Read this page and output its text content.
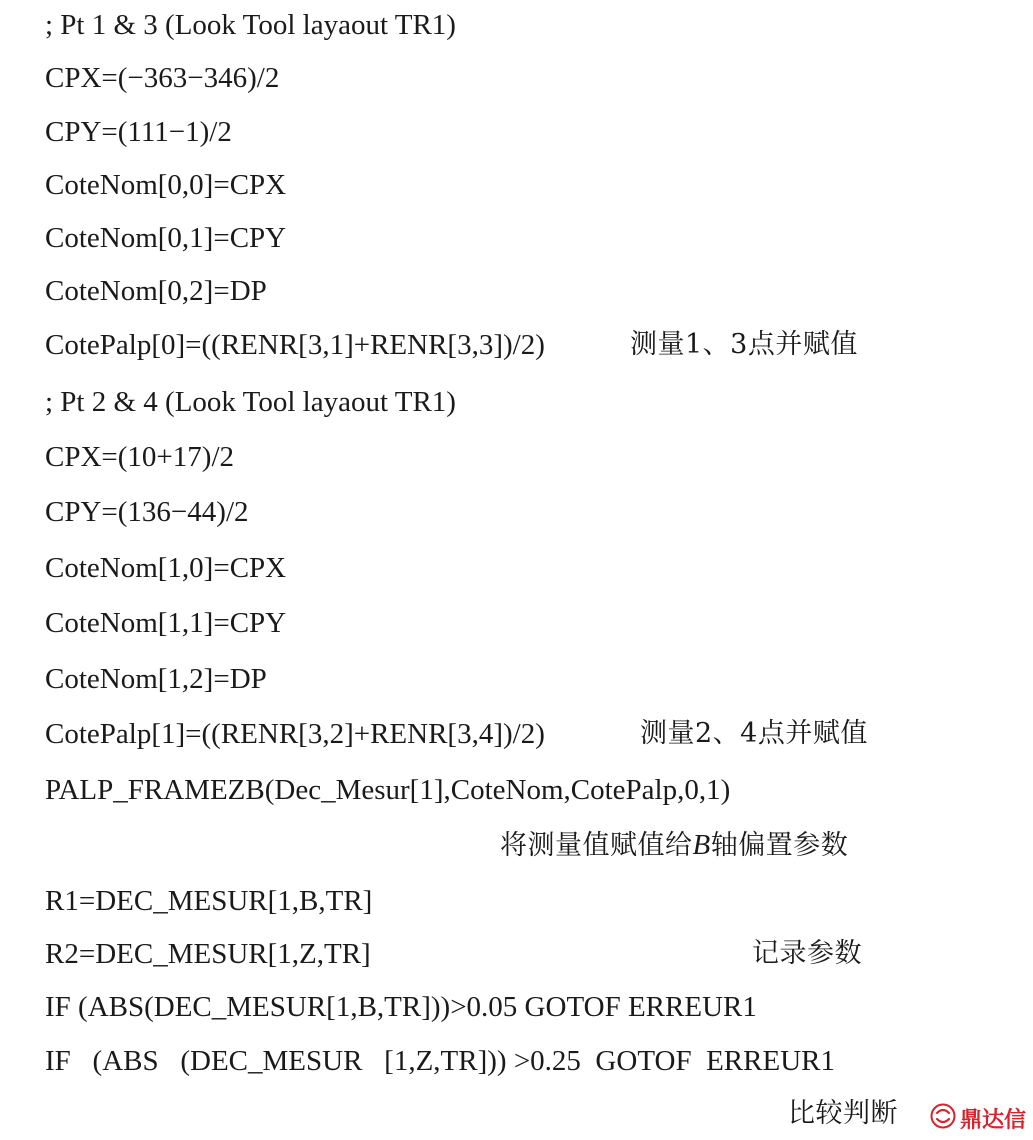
; Pt 1 & 3 (Look Tool layaout TR1)
CPX=(−363−346)/2
CPY=(111−1)/2
CoteNom[0,0]=CPX
CoteNom[0,1]=CPY
CoteNom[0,2]=DP
CotePalp[0]=((RENR[3,1]+RENR[3,3])/2)	测量1、3点并赋值
; Pt 2 & 4 (Look Tool layaout TR1)
CPX=(10+17)/2
CPY=(136−44)/2
CoteNom[1,0]=CPX
CoteNom[1,1]=CPY
CoteNom[1,2]=DP
CotePalp[1]=((RENR[3,2]+RENR[3,4])/2)	测量2、4点并赋值
PALP_FRAMEZB(Dec_Mesur[1],CoteNom,CotePalp,0,1)
将测量值赋值给B轴偏置参数
R1=DEC_MESUR[1,B,TR]
R2=DEC_MESUR[1,Z,TR]	记录参数
IF (ABS(DEC_MESUR[1,B,TR]))>0.05 GOTOF ERREUR1
IF   (ABS   (DEC_MESUR   [1,Z,TR])) >0.25  GOTOF  ERREUR1
比较判断	鼎达信
